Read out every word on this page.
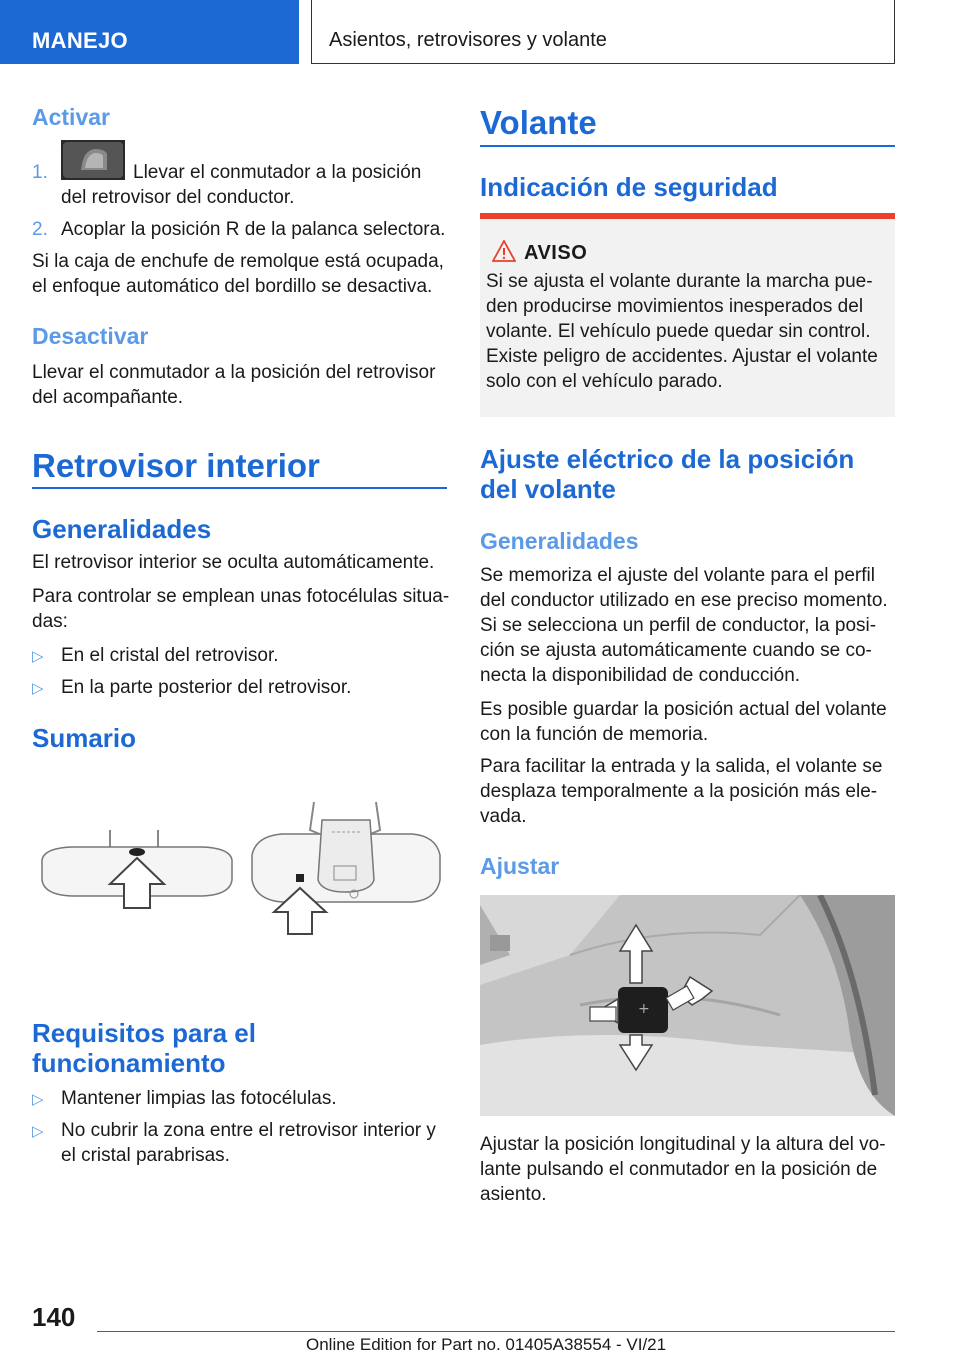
MANEJO	Asientos, retrovisores y volante
Activar
1.	Llevar el conmutador a la posición
del retrovisor del conductor.
2. Acoplar la posición R de la palanca selectora.
Si la caja de enchufe de remolque está ocupada,
el enfoque automático del bordillo se desactiva.
Desactivar
Llevar el conmutador a la posición del retrovisor
del acompañante.
Retrovisor interior
Generalidades
El retrovisor interior se oculta automáticamente.
Para controlar se emplean unas fotocélulas situa-
das:
▷ En el cristal del retrovisor.
▷ En la parte posterior del retrovisor.
Sumario
Requisitos para el
funcionamiento
▷ Mantener limpias las fotocélulas.
▷ No cubrir la zona entre el retrovisor interior y
el cristal parabrisas.
Volante
Indicación de seguridad
AVISO
Si se ajusta el volante durante la marcha pue-
den producirse movimientos inesperados del
volante. El vehículo puede quedar sin control.
Existe peligro de accidentes. Ajustar el volante
solo con el vehículo parado.
Ajuste eléctrico de la posición
del volante
Generalidades
Se memoriza el ajuste del volante para el perfil
del conductor utilizado en ese preciso momento.
Si se selecciona un perfil de conductor, la posi-
ción se ajusta automáticamente cuando se co-
necta la disponibilidad de conducción.
Es posible guardar la posición actual del volante
con la función de memoria.
Para facilitar la entrada y la salida, el volante se
desplaza temporalmente a la posición más ele-
vada.
Ajustar
+
Ajustar la posición longitudinal y la altura del vo-
lante pulsando el conmutador en la posición de
asiento.
140
Online Edition for Part no. 01405A38554 - VI/21
